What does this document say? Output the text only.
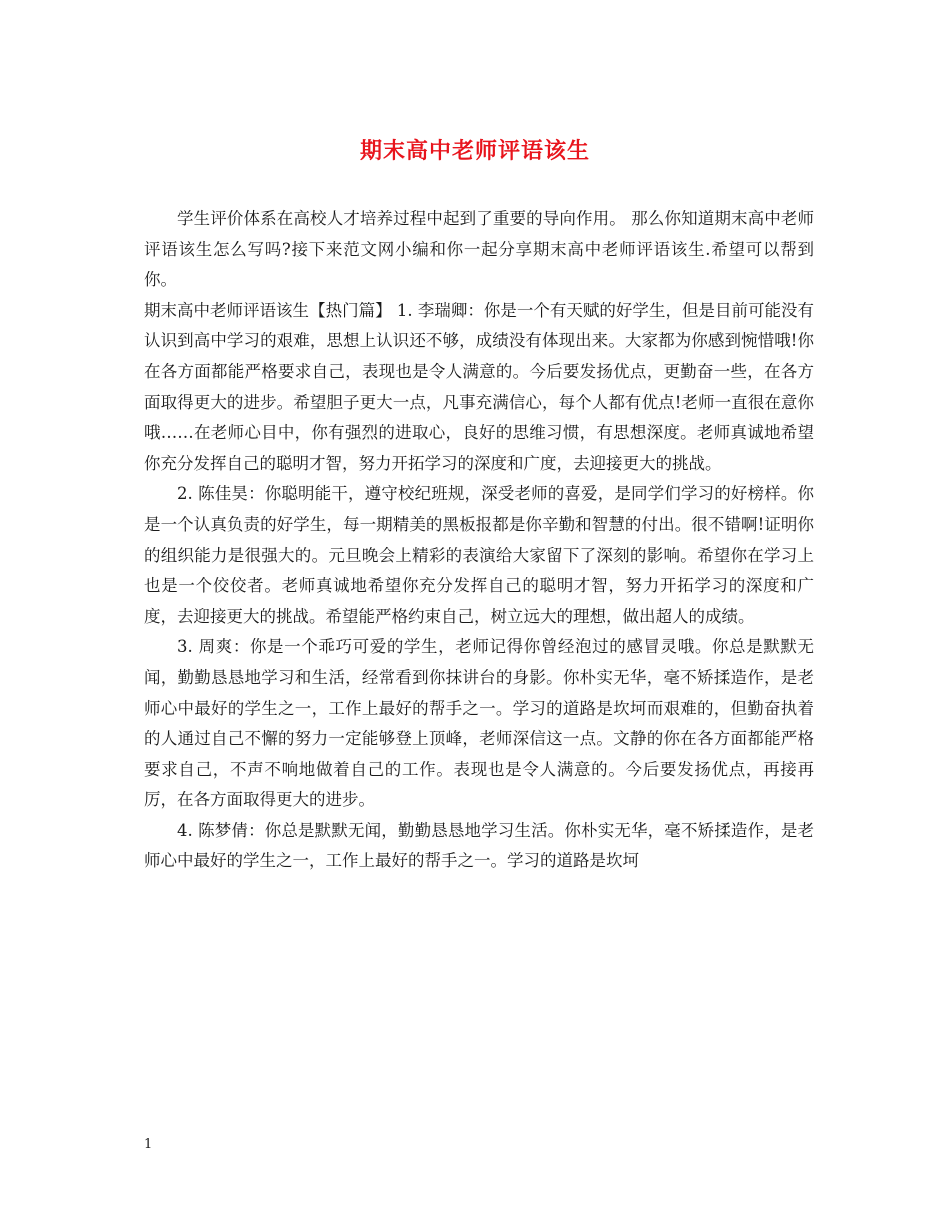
期末高中老师评语该生

学生评价体系在高校人才培养过程中起到了重要的导向作用。 那么你知道期末高中老师评语该生怎么写吗?接下来范文网小编和你一起分享期末高中老师评语该生.希望可以帮到你。

期末高中老师评语该生【热门篇】 1. 李瑞卿：你是一个有天赋的好学生，但是目前可能没有认识到高中学习的艰难，思想上认识还不够，成绩没有体现出来。大家都为你感到惋惜哦!你在各方面都能严格要求自己，表现也是令人满意的。今后要发扬优点，更勤奋一些，在各方面取得更大的进步。希望胆子更大一点，凡事充满信心，每个人都有优点!老师一直很在意你哦……在老师心目中，你有强烈的进取心，良好的思维习惯，有思想深度。老师真诚地希望你充分发挥自己的聪明才智，努力开拓学习的深度和广度，去迎接更大的挑战。

2. 陈佳昊：你聪明能干，遵守校纪班规，深受老师的喜爱，是同学们学习的好榜样。你是一个认真负责的好学生，每一期精美的黑板报都是你辛勤和智慧的付出。很不错啊!证明你的组织能力是很强大的。元旦晚会上精彩的表演给大家留下了深刻的影响。希望你在学习上也是一个佼佼者。老师真诚地希望你充分发挥自己的聪明才智，努力开拓学习的深度和广度，去迎接更大的挑战。希望能严格约束自己，树立远大的理想，做出超人的成绩。

3. 周爽：你是一个乖巧可爱的学生，老师记得你曾经泡过的感冒灵哦。你总是默默无闻，勤勤恳恳地学习和生活，经常看到你抹讲台的身影。你朴实无华，毫不矫揉造作，是老师心中最好的学生之一，工作上最好的帮手之一。学习的道路是坎坷而艰难的，但勤奋执着的人通过自己不懈的努力一定能够登上顶峰，老师深信这一点。文静的你在各方面都能严格要求自己，不声不响地做着自己的工作。表现也是令人满意的。今后要发扬优点，再接再厉，在各方面取得更大的进步。

4. 陈梦倩：你总是默默无闻，勤勤恳恳地学习生活。你朴实无华，毫不矫揉造作，是老师心中最好的学生之一，工作上最好的帮手之一。学习的道路是坎坷

1
